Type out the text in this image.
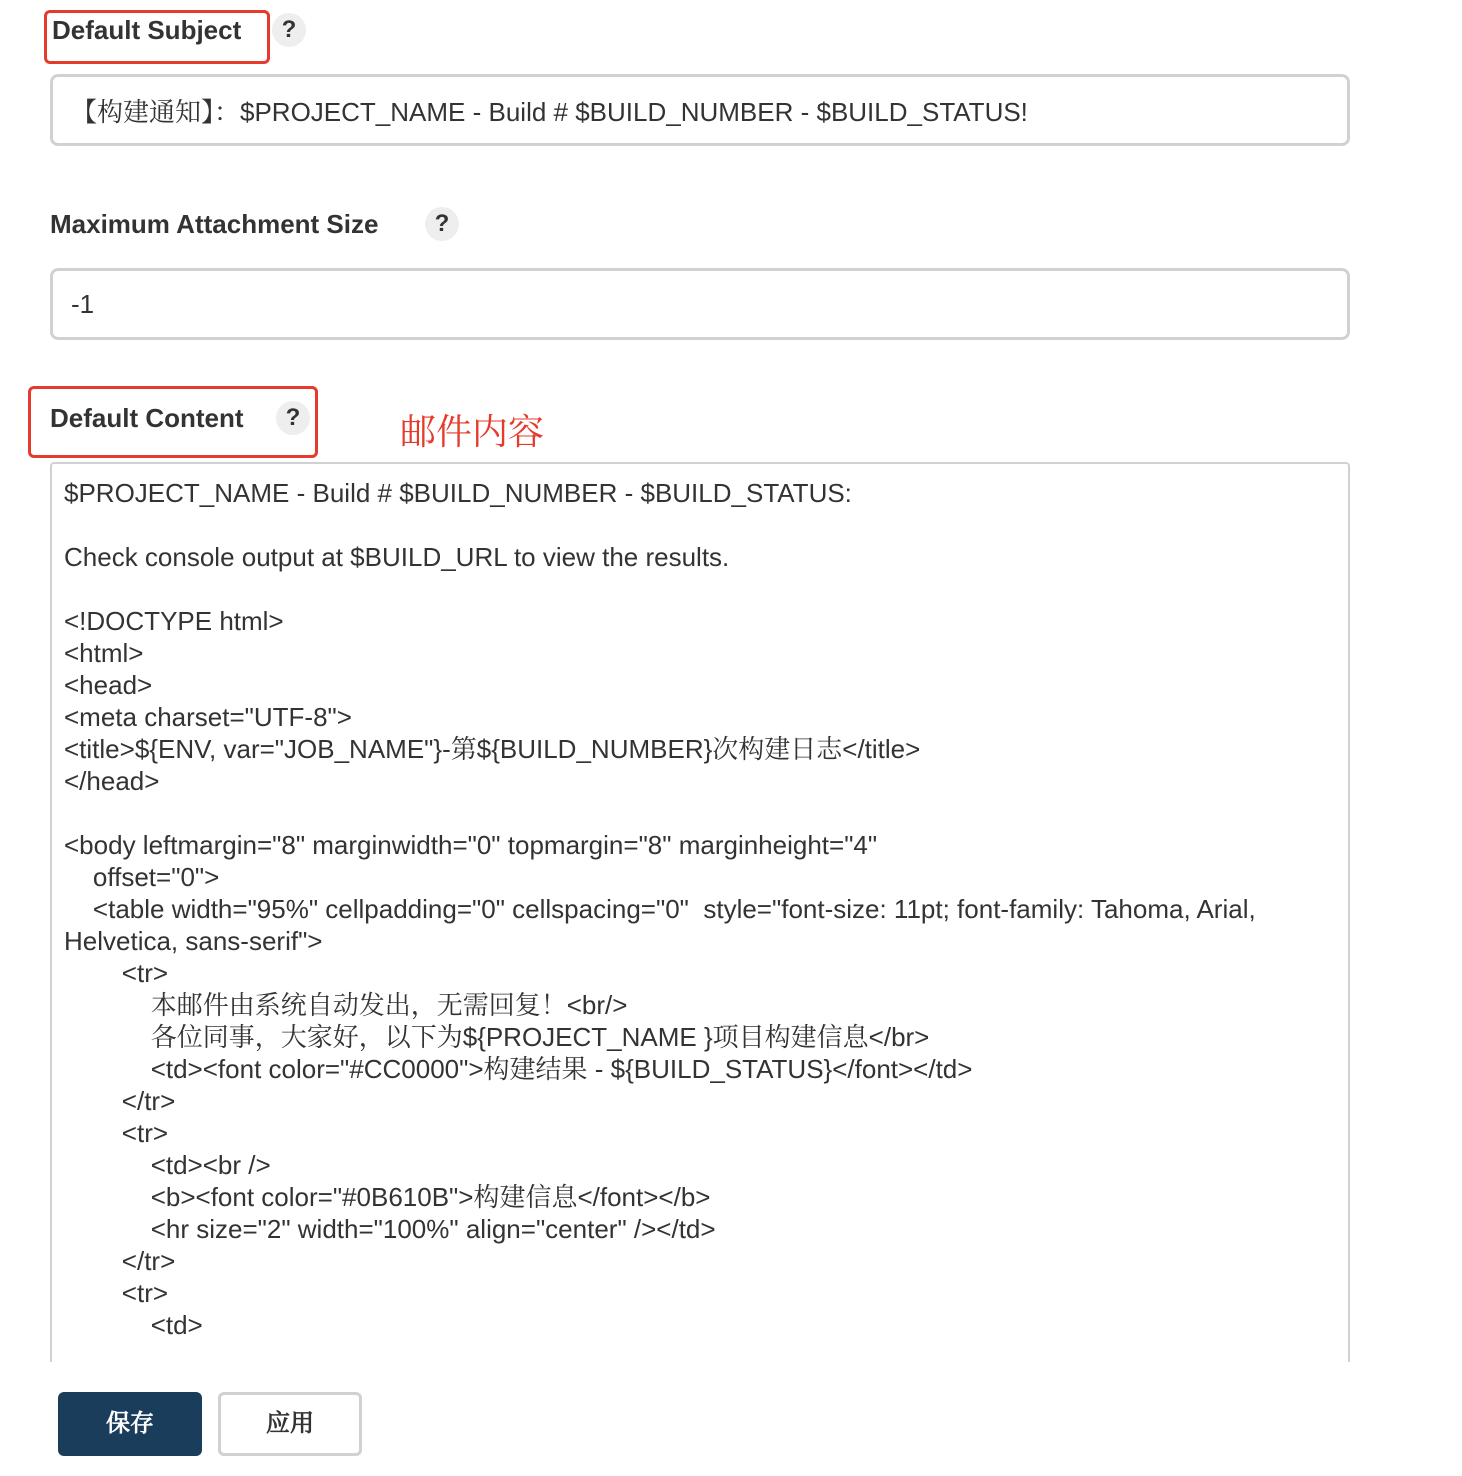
Default Subject	?
【构建通知】：$PROJECT_NAME - Build # $BUILD_NUMBER - $BUILD_STATUS!
Maximum Attachment Size	?
-1
Default Content	?	邮件内容
$PROJECT_NAME - Build # $BUILD_NUMBER - $BUILD_STATUS:

Check console output at $BUILD_URL to view the results.

<!DOCTYPE html>
<html>
<head>
<meta charset="UTF-8">
<title>${ENV, var="JOB_NAME"}-第${BUILD_NUMBER}次构建日志</title>
</head>

<body leftmargin="8" marginwidth="0" topmargin="8" marginheight="4"
offset="0">
<table width="95%" cellpadding="0" cellspacing="0"  style="font-size: 11pt; font-family: Tahoma, Arial, Helvetica, sans-serif">
<tr>
本邮件由系统自动发出，无需回复！<br/>
各位同事，大家好，以下为${PROJECT_NAME }项目构建信息</br>
<td><font color="#CC0000">构建结果 - ${BUILD_STATUS}</font></td>
</tr>
<tr>
<td><br />
<b><font color="#0B610B">构建信息</font></b>
<hr size="2" width="100%" align="center" /></td>
</tr>
<tr>
<td>
保存	应用
